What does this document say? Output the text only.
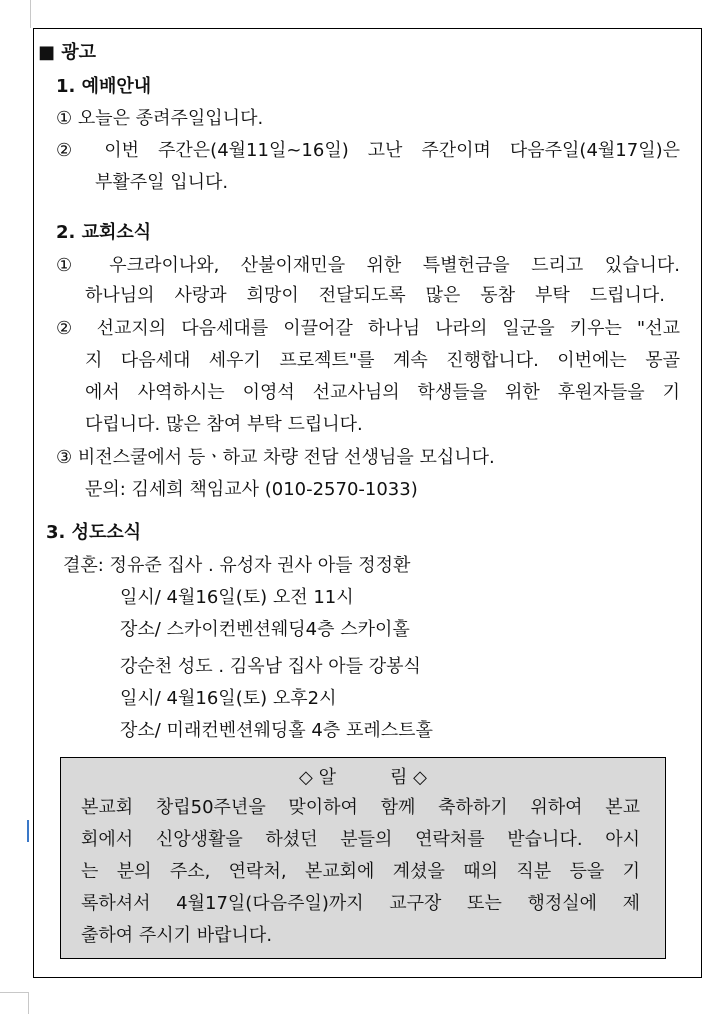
■ 광고
1. 예배안내
① 오늘은 종려주일입니다.
② 이번 주간은(4월11일~16일) 고난 주간이며 다음주일(4월17일)은
부활주일 입니다.
2. 교회소식
① 우크라이나와, 산불이재민을 위한 특별헌금을 드리고 있습니다.
하나님의 사랑과 희망이 전달되도록 많은 동참 부탁 드립니다.
② 선교지의 다음세대를 이끌어갈 하나님 나라의 일군을 키우는 "선교
지 다음세대 세우기 프로젝트"를 계속 진행합니다. 이번에는 몽골
에서 사역하시는 이영석 선교사님의 학생들을 위한 후원자들을 기
다립니다. 많은 참여 부탁 드립니다.
③ 비전스쿨에서 등ㆍ하교 차량 전담 선생님을 모십니다.
문의: 김세희 책임교사 (010-2570-1033)
3. 성도소식
결혼: 정유준 집사 . 유성자 권사 아들 정정환
일시/ 4월16일(토) 오전 11시
장소/ 스카이컨벤션웨딩4층 스카이홀
강순천 성도 . 김옥남 집사 아들 강봉식
일시/ 4월16일(토) 오후2시
장소/ 미래컨벤션웨딩홀 4층 포레스트홀
◇ 알　　　림 ◇
본교회 창립50주년을 맞이하여 함께 축하하기 위하여 본교
회에서 신앙생활을 하셨던 분들의 연락처를 받습니다. 아시
는 분의 주소, 연락처, 본교회에 계셨을 때의 직분 등을 기
록하셔서 4월17일(다음주일)까지 교구장 또는 행정실에 제
출하여 주시기 바랍니다.
